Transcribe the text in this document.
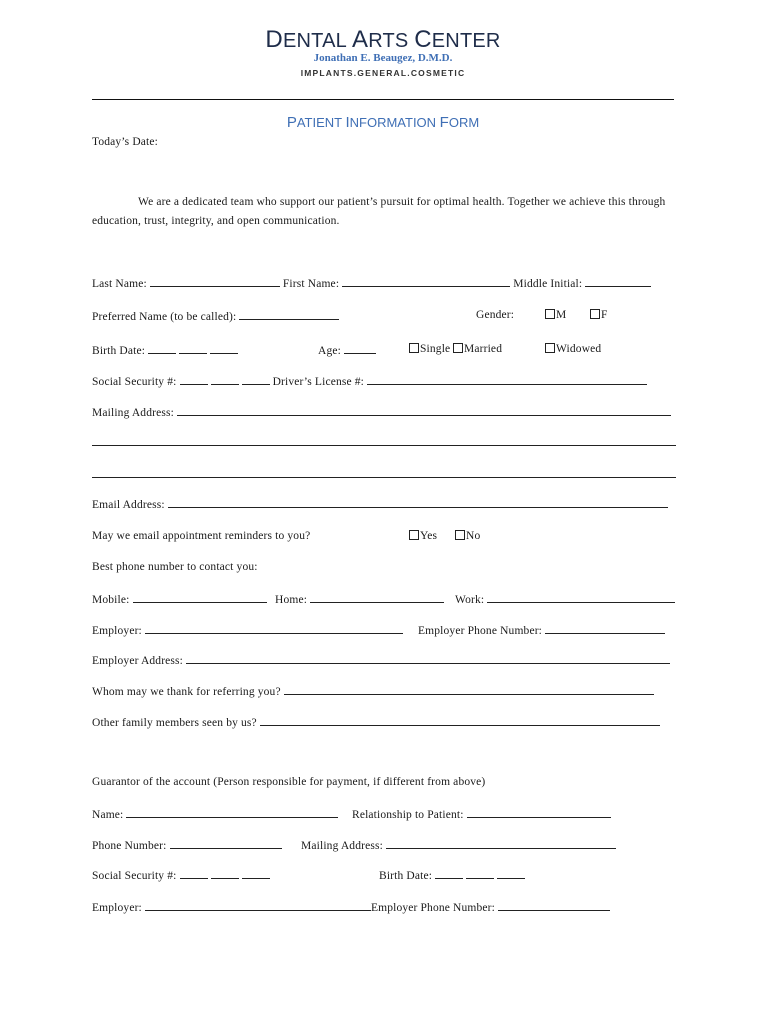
DENTAL ARTS CENTER
Jonathan E. Beaugez, D.M.D.
IMPLANTS.GENERAL.COSMETIC
PATIENT INFORMATION FORM
Today’s Date:
We are a dedicated team who support our patient’s pursuit for optimal health. Together we achieve this through education, trust, integrity, and open communication.
Last Name:	First Name:	Middle Initial:
Preferred Name (to be called):	Gender:	M	F
Birth Date:	Age:	Single	Married	Widowed
Social Security #:	Driver’s License #:
Mailing Address:
Email Address:
May we email appointment reminders to you?	Yes	No
Best phone number to contact you:
Mobile:	Home:	Work:
Employer:	Employer Phone Number:
Employer Address:
Whom may we thank for referring you?
Other family members seen by us?
Guarantor of the account (Person responsible for payment, if different from above)
Name:	Relationship to Patient:
Phone Number:	Mailing Address:
Social Security #:	Birth Date:
Employer:	Employer Phone Number:
